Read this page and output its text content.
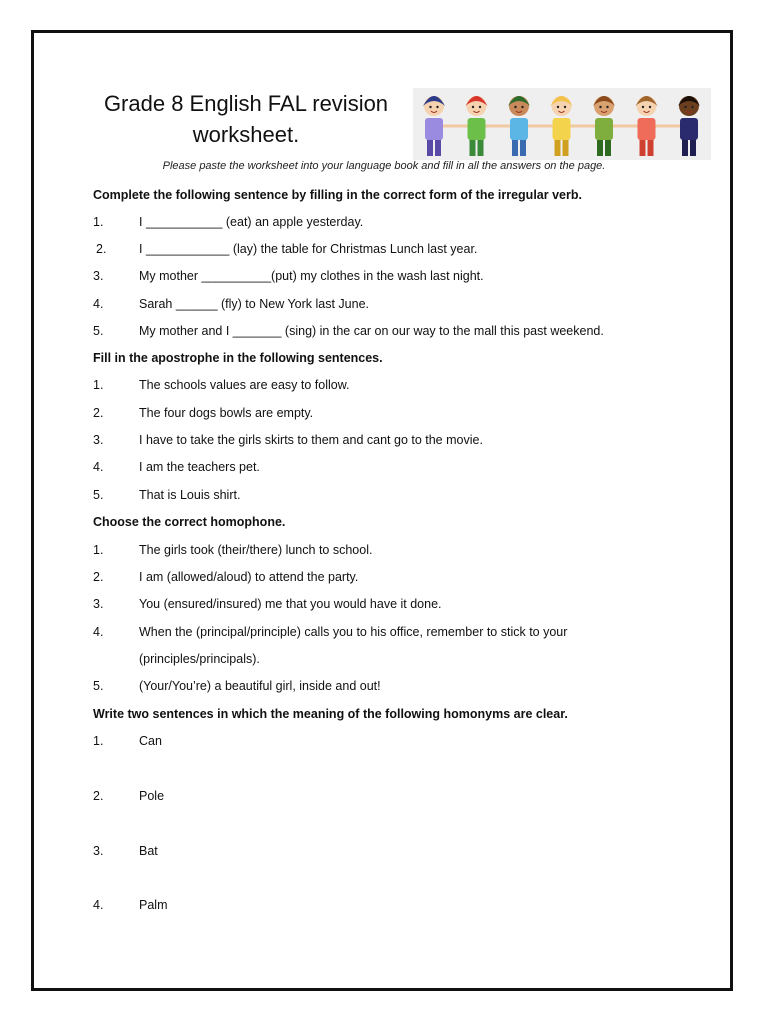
Grade 8 English FAL revision
worksheet.
Please paste the worksheet into your language book and fill in all the answers on the page.
Complete the following sentence by filling in the correct form of the irregular verb.
1.	I ___________ (eat) an apple yesterday.
2.	I ____________ (lay) the table for Christmas Lunch last year.
3.	My mother __________(put) my clothes in the wash last night.
4.	Sarah ______ (fly) to New York last June.
5.	My mother and I _______ (sing) in the car on our way to the mall this past weekend.
Fill in the apostrophe in the following sentences.
1.	The schools values are easy to follow.
2.	The four dogs bowls are empty.
3.	I have to take the girls skirts to them and cant go to the movie.
4.	I am the teachers pet.
5.	That is Louis shirt.
Choose the correct homophone.
1.	The girls took (their/there) lunch to school.
2.	I am (allowed/aloud) to attend the party.
3.	You (ensured/insured) me that you would have it done.
4.	When the (principal/principle) calls you to his office, remember to stick to your
(principles/principals).
5.	(Your/You’re) a beautiful girl, inside and out!
Write two sentences in which the meaning of the following homonyms are clear.
1.	Can
2.	Pole
3.	Bat
4.	Palm
